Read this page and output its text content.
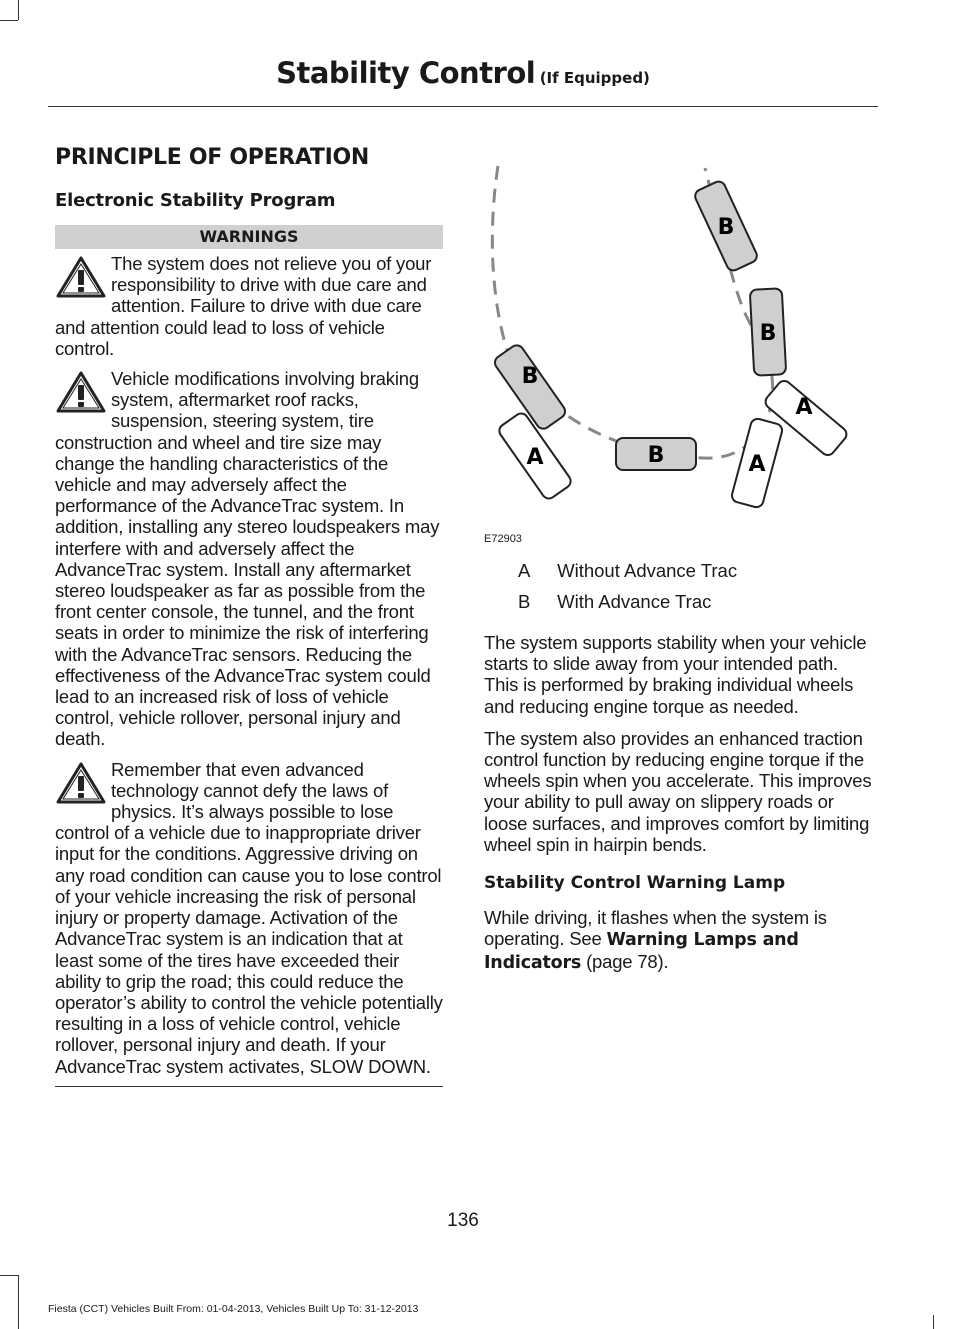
Stability Control (If Equipped)
PRINCIPLE OF OPERATION
Electronic Stability Program
WARNINGS
The system does not relieve you of your responsibility to drive with due care and attention. Failure to drive with due care and attention could lead to loss of vehicle control.
Vehicle modifications involving braking system, aftermarket roof racks, suspension, steering system, tire construction and wheel and tire size may change the handling characteristics of the vehicle and may adversely affect the performance of the AdvanceTrac system. In addition, installing any stereo loudspeakers may interfere with and adversely affect the AdvanceTrac system. Install any aftermarket stereo loudspeaker as far as possible from the front center console, the tunnel, and the front seats in order to minimize the risk of interfering with the AdvanceTrac sensors. Reducing the effectiveness of the AdvanceTrac system could lead to an increased risk of loss of vehicle control, vehicle rollover, personal injury and death.
Remember that even advanced technology cannot defy the laws of physics. It’s always possible to lose control of a vehicle due to inappropriate driver input for the conditions. Aggressive driving on any road condition can cause you to lose control of your vehicle increasing the risk of personal injury or property damage. Activation of the AdvanceTrac system is an indication that at least some of the tires have exceeded their ability to grip the road; this could reduce the operator’s ability to control the vehicle potentially resulting in a loss of vehicle control, vehicle rollover, personal injury and death. If your AdvanceTrac system activates, SLOW DOWN.
B
B
B
B
A
A
A
E72903
A Without Advance Trac
B With Advance Trac

The system supports stability when your vehicle starts to slide away from your intended path. This is performed by braking individual wheels and reducing engine torque as needed.

The system also provides an enhanced traction control function by reducing engine torque if the wheels spin when you accelerate. This improves your ability to pull away on slippery roads or loose surfaces, and improves comfort by limiting wheel spin in hairpin bends.

Stability Control Warning Lamp

While driving, it flashes when the system is operating. See Warning Lamps and Indicators (page 78).

136
Fiesta (CCT) Vehicles Built From: 01-04-2013, Vehicles Built Up To: 31-12-2013
